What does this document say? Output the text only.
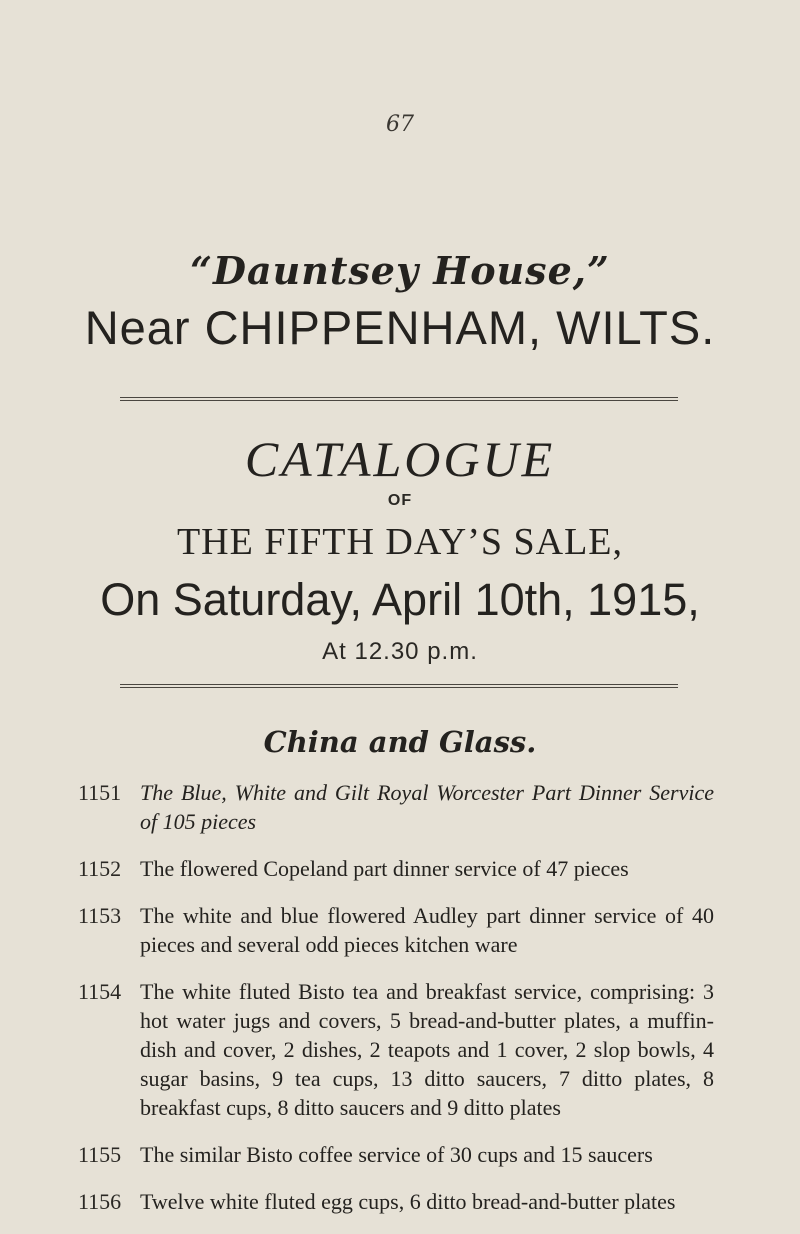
67
“Dauntsey House,”
Near CHIPPENHAM, WILTS.
CATALOGUE
OF
THE FIFTH DAY’S SALE,
On Saturday, April 10th, 1915,
At 12.30 p.m.
China and Glass.
1151 The Blue, White and Gilt Royal Worcester Part Dinner Service of 105 pieces
1152 The flowered Copeland part dinner service of 47 pieces
1153 The white and blue flowered Audley part dinner service of 40 pieces and several odd pieces kitchen ware
1154 The white fluted Bisto tea and breakfast service, comprising: 3 hot water jugs and covers, 5 bread-and-butter plates, a muffin-dish and cover, 2 dishes, 2 teapots and 1 cover, 2 slop bowls, 4 sugar basins, 9 tea cups, 13 ditto saucers, 7 ditto plates, 8 breakfast cups, 8 ditto saucers and 9 ditto plates
1155 The similar Bisto coffee service of 30 cups and 15 saucers
1156 Twelve white fluted egg cups, 6 ditto bread-and-butter plates
